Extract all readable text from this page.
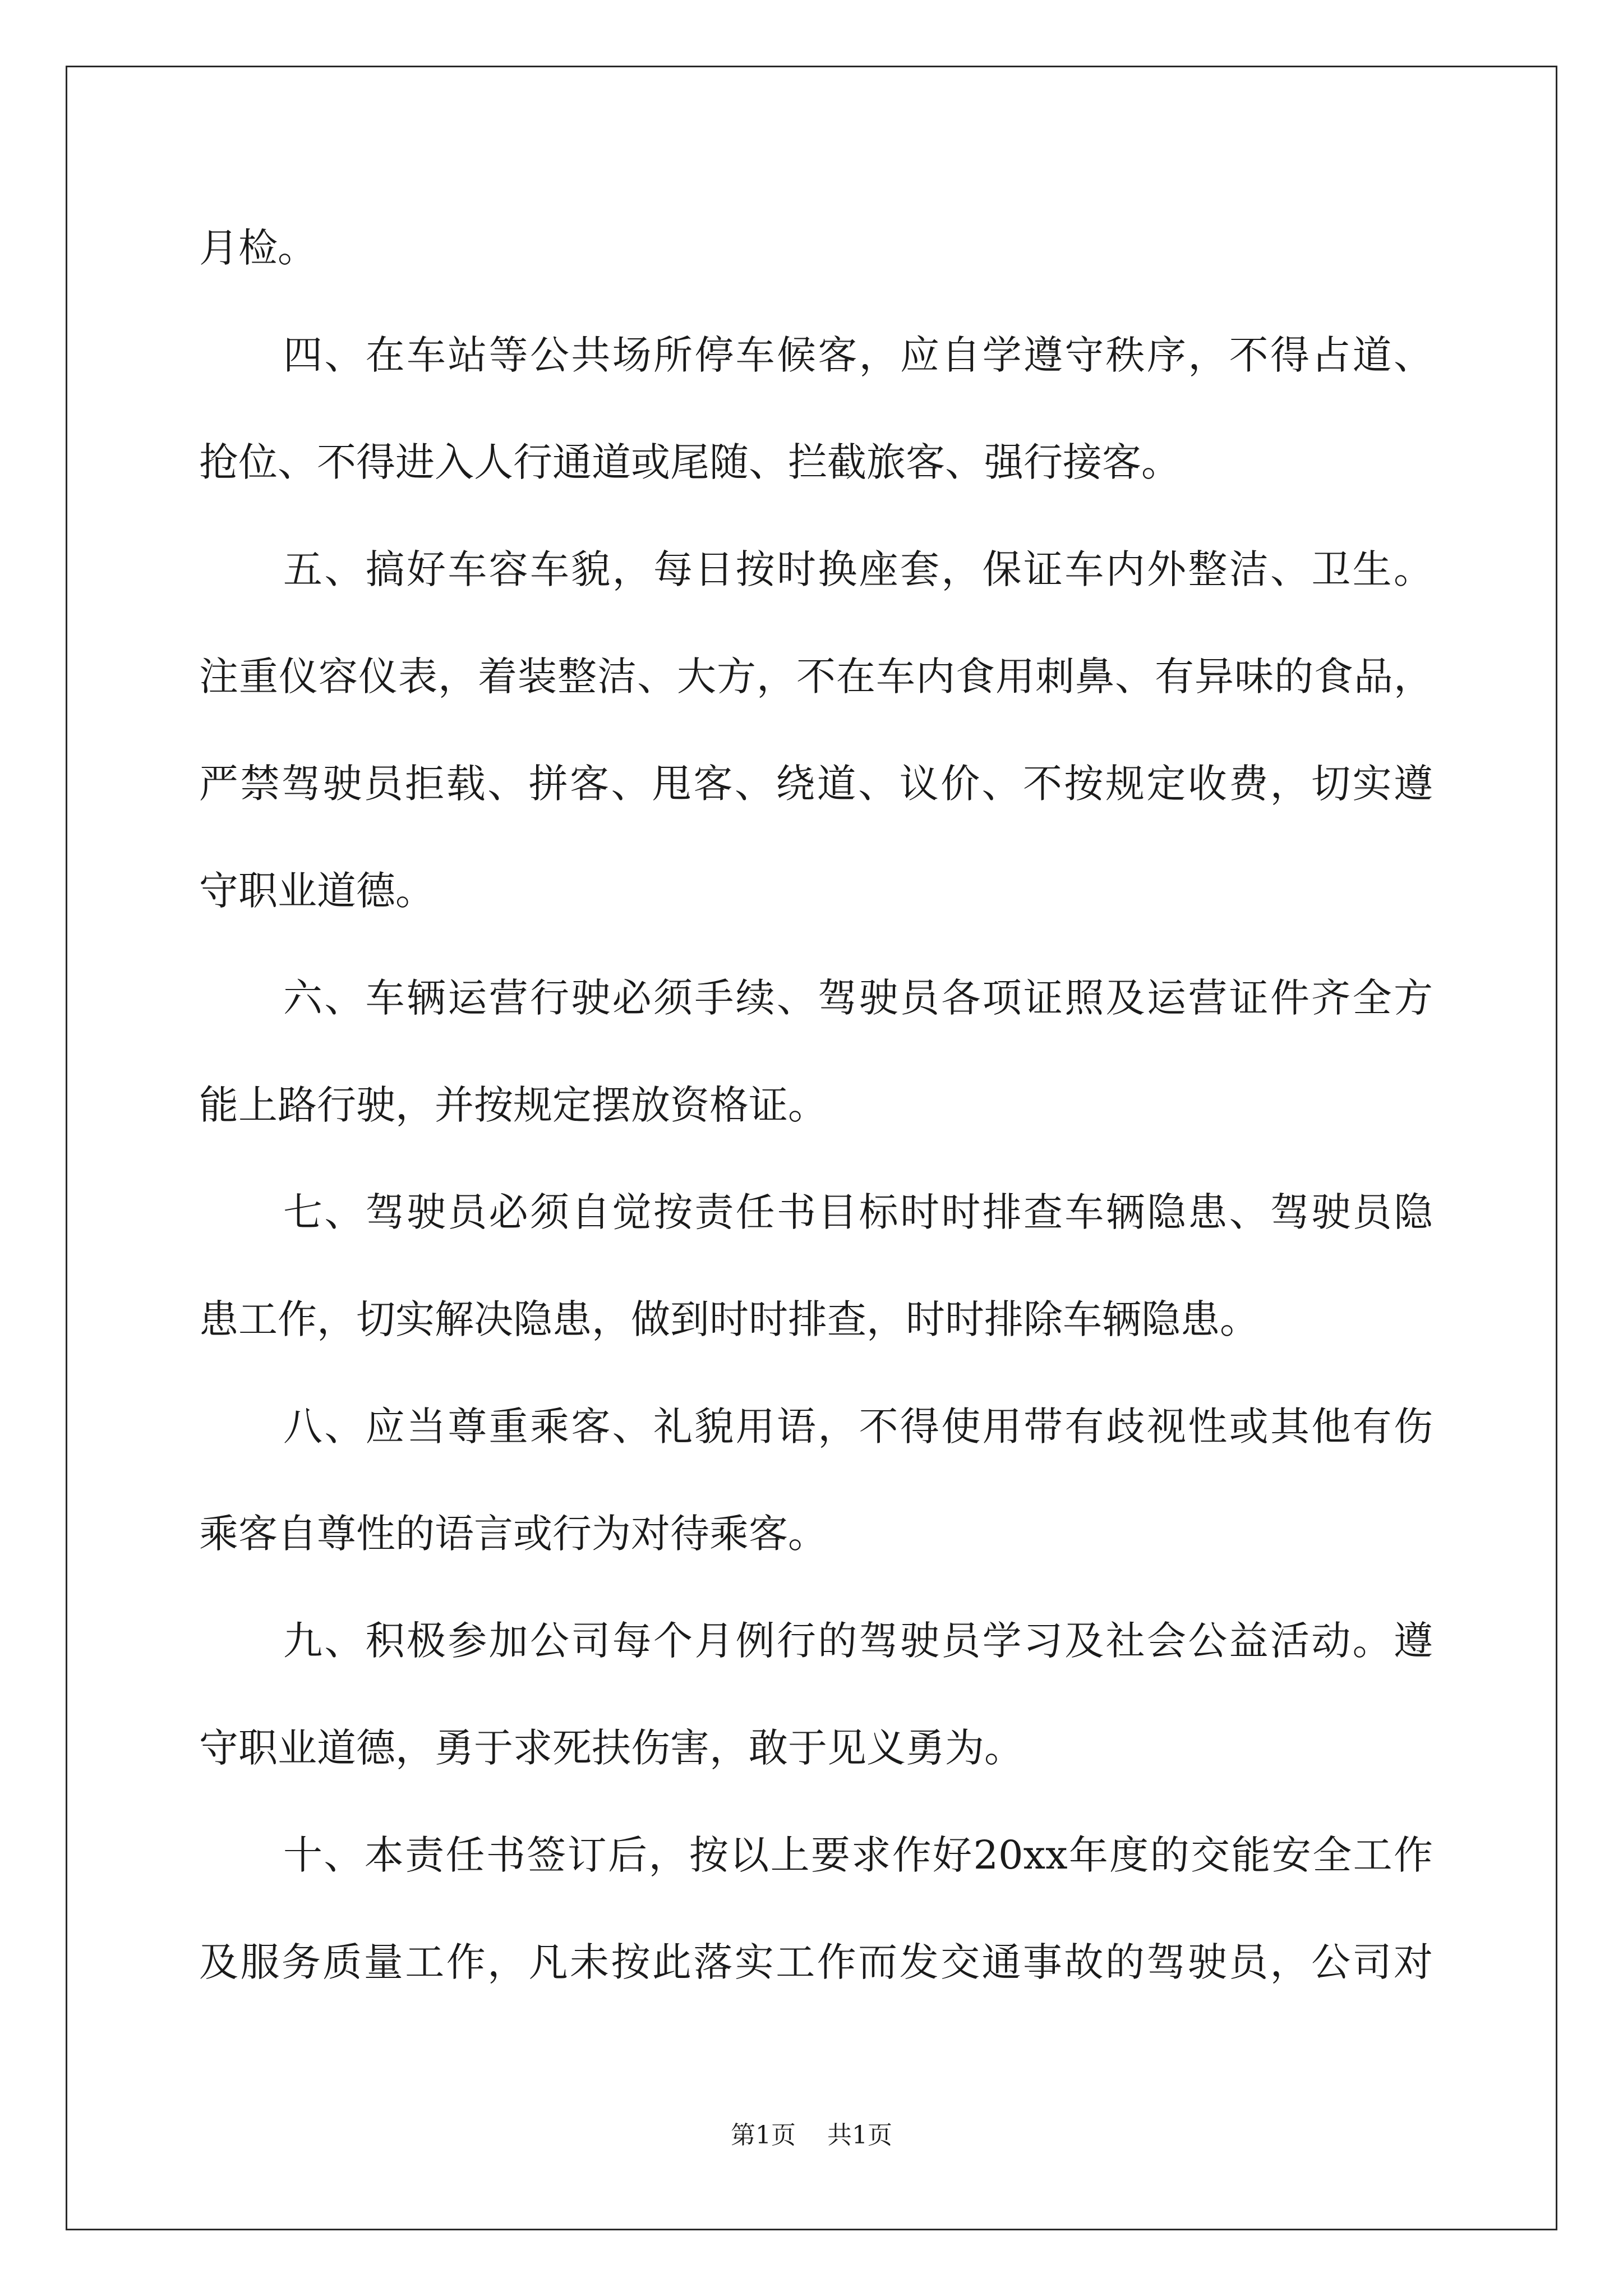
月检。
四、在车站等公共场所停车候客，应自学遵守秩序，不得占道、
抢位、不得进入人行通道或尾随、拦截旅客、强行接客。
五、搞好车容车貌，每日按时换座套，保证车内外整洁、卫生。
注重仪容仪表，着装整洁、大方，不在车内食用刺鼻、有异味的食品，
严禁驾驶员拒载、拼客、甩客、绕道、议价、不按规定收费，切实遵
守职业道德。
六、车辆运营行驶必须手续、驾驶员各项证照及运营证件齐全方
能上路行驶，并按规定摆放资格证。
七、驾驶员必须自觉按责任书目标时时排查车辆隐患、驾驶员隐
患工作，切实解决隐患，做到时时排查，时时排除车辆隐患。
八、应当尊重乘客、礼貌用语，不得使用带有歧视性或其他有伤
乘客自尊性的语言或行为对待乘客。
九、积极参加公司每个月例行的驾驶员学习及社会公益活动。遵
守职业道德，勇于求死扶伤害，敢于见义勇为。
十、本责任书签订后，按以上要求作好20xx年度的交能安全工作
及服务质量工作，凡未按此落实工作而发交通事故的驾驶员，公司对
第1页 共1页
